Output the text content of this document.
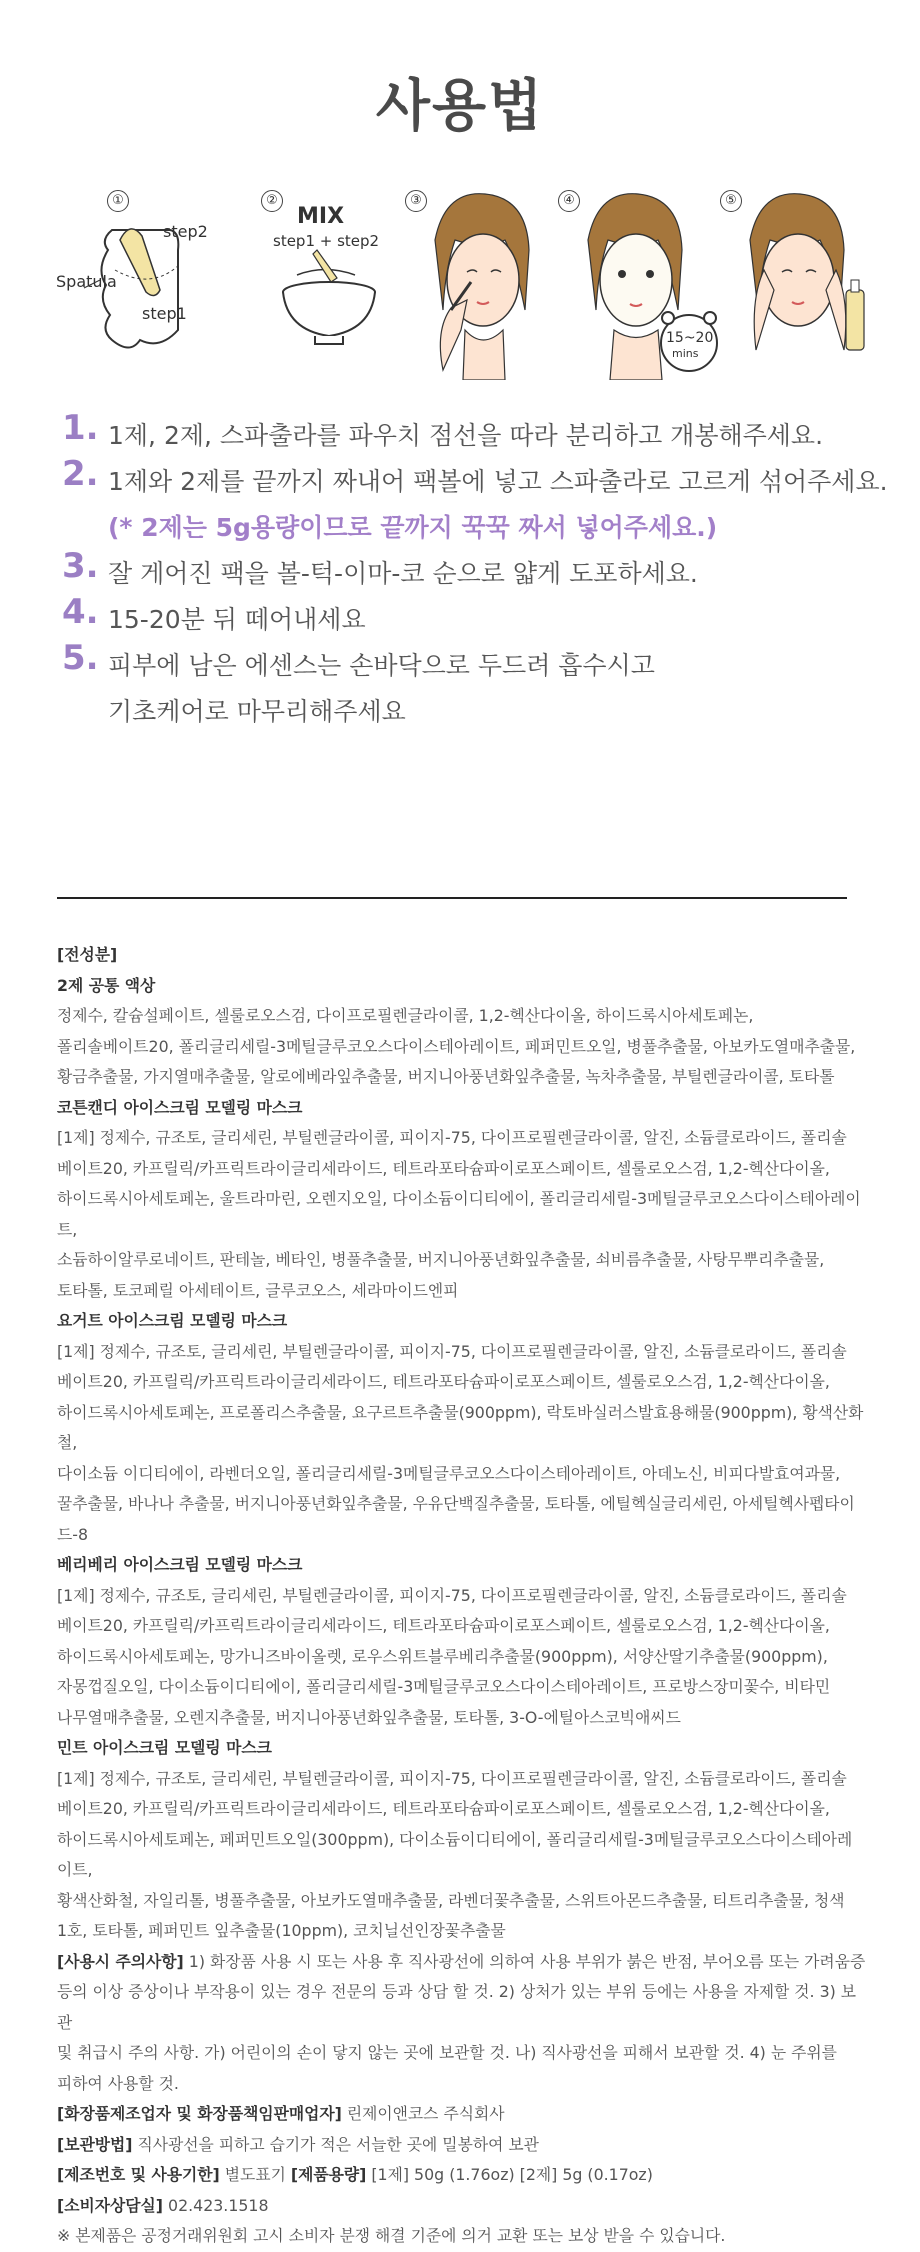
사용법
①
step2
Spatula
step1
②
MIX
step1 + step2
③	④
15~20
mins
⑤
1. 1제, 2제, 스파출라를 파우치 점선을 따라 분리하고 개봉해주세요.
2. 1제와 2제를 끝까지 짜내어 팩볼에 넣고 스파출라로 고르게 섞어주세요.
(* 2제는 5g용량이므로 끝까지 꾹꾹 짜서 넣어주세요.)
3. 잘 게어진 팩을 볼-턱-이마-코 순으로 얇게 도포하세요.
4. 15-20분 뒤 떼어내세요
5. 피부에 남은 에센스는 손바닥으로 두드려 흡수시고
기초케어로 마무리해주세요

[전성분]

2제 공통 액상

정제수, 칼슘설페이트, 셀룰로오스검, 다이프로필렌글라이콜, 1,2-헥산다이올, 하이드록시아세토페논,

폴리솔베이트20, 폴리글리세릴-3메틸글루코오스다이스테아레이트, 페퍼민트오일, 병풀추출물, 아보카도열매추출물,

황금추출물, 가지열매추출물, 알로에베라잎추출물, 버지니아풍년화잎추출물, 녹차추출물, 부틸렌글라이콜, 토타톨

코튼캔디 아이스크림 모델링 마스크

[1제] 정제수, 규조토, 글리세린, 부틸렌글라이콜, 피이지-75, 다이프로필렌글라이콜, 알진, 소듐클로라이드, 폴리솔

베이트20, 카프릴릭/카프릭트라이글리세라이드, 테트라포타슘파이로포스페이트, 셀룰로오스검, 1,2-헥산다이올,

하이드록시아세토페논, 울트라마린, 오렌지오일, 다이소듐이디티에이, 폴리글리세릴-3메틸글루코오스다이스테아레이트,

소듐하이알루로네이트, 판테놀, 베타인, 병풀추출물, 버지니아풍년화잎추출물, 쇠비름추출물, 사탕무뿌리추출물,

토타톨, 토코페릴 아세테이트, 글루코오스, 세라마이드엔피

요거트 아이스크림 모델링 마스크

[1제] 정제수, 규조토, 글리세린, 부틸렌글라이콜, 피이지-75, 다이프로필렌글라이콜, 알진, 소듐클로라이드, 폴리솔

베이트20, 카프릴릭/카프릭트라이글리세라이드, 테트라포타슘파이로포스페이트, 셀룰로오스검, 1,2-헥산다이올,

하이드록시아세토페논, 프로폴리스추출물, 요구르트추출물(900ppm), 락토바실러스발효용해물(900ppm), 황색산화철,

다이소듐 이디티에이, 라벤더오일, 폴리글리세릴-3메틸글루코오스다이스테아레이트, 아데노신, 비피다발효여과물,

꿀추출물, 바나나 추출물, 버지니아풍년화잎추출물, 우유단백질추출물, 토타톨, 에틸헥실글리세린, 아세틸헥사펩타이드-8

베리베리 아이스크림 모델링 마스크

[1제] 정제수, 규조토, 글리세린, 부틸렌글라이콜, 피이지-75, 다이프로필렌글라이콜, 알진, 소듐클로라이드, 폴리솔

베이트20, 카프릴릭/카프릭트라이글리세라이드, 테트라포타슘파이로포스페이트, 셀룰로오스검, 1,2-헥산다이올,

하이드록시아세토페논, 망가니즈바이올렛, 로우스위트블루베리추출물(900ppm), 서양산딸기추출물(900ppm),

자몽껍질오일, 다이소듐이디티에이, 폴리글리세릴-3메틸글루코오스다이스테아레이트, 프로방스장미꽃수, 비타민

나무열매추출물, 오렌지추출물, 버지니아풍년화잎추출물, 토타톨, 3-O-에틸아스코빅애씨드

민트 아이스크림 모델링 마스크

[1제] 정제수, 규조토, 글리세린, 부틸렌글라이콜, 피이지-75, 다이프로필렌글라이콜, 알진, 소듐클로라이드, 폴리솔

베이트20, 카프릴릭/카프릭트라이글리세라이드, 테트라포타슘파이로포스페이트, 셀룰로오스검, 1,2-헥산다이올,

하이드록시아세토페논, 페퍼민트오일(300ppm), 다이소듐이디티에이, 폴리글리세릴-3메틸글루코오스다이스테아레이트,

황색산화철, 자일리톨, 병풀추출물, 아보카도열매추출물, 라벤더꽃추출물, 스위트아몬드추출물, 티트리추출물, 청색

1호, 토타톨, 페퍼민트 잎추출물(10ppm), 코치닐선인장꽃추출물

[사용시 주의사항] 1) 화장품 사용 시 또는 사용 후 직사광선에 의하여 사용 부위가 붉은 반점, 부어오름 또는 가려움증

등의 이상 증상이나 부작용이 있는 경우 전문의 등과 상담 할 것. 2) 상처가 있는 부위 등에는 사용을 자제할 것. 3) 보관

및 취급시 주의 사항. 가) 어린이의 손이 닿지 않는 곳에 보관할 것. 나) 직사광선을 피해서 보관할 것. 4) 눈 주위를

피하여 사용할 것.

[화장품제조업자 및 화장품책임판매업자] 린제이앤코스 주식회사

[보관방법] 직사광선을 피하고 습기가 적은 서늘한 곳에 밀봉하여 보관

[제조번호 및 사용기한] 별도표기 [제품용량] [1제] 50g (1.76oz) [2제] 5g (0.17oz)

[소비자상담실] 02.423.1518

※ 본제품은 공정거래위원회 고시 소비자 분쟁 해결 기준에 의거 교환 또는 보상 받을 수 있습니다.
